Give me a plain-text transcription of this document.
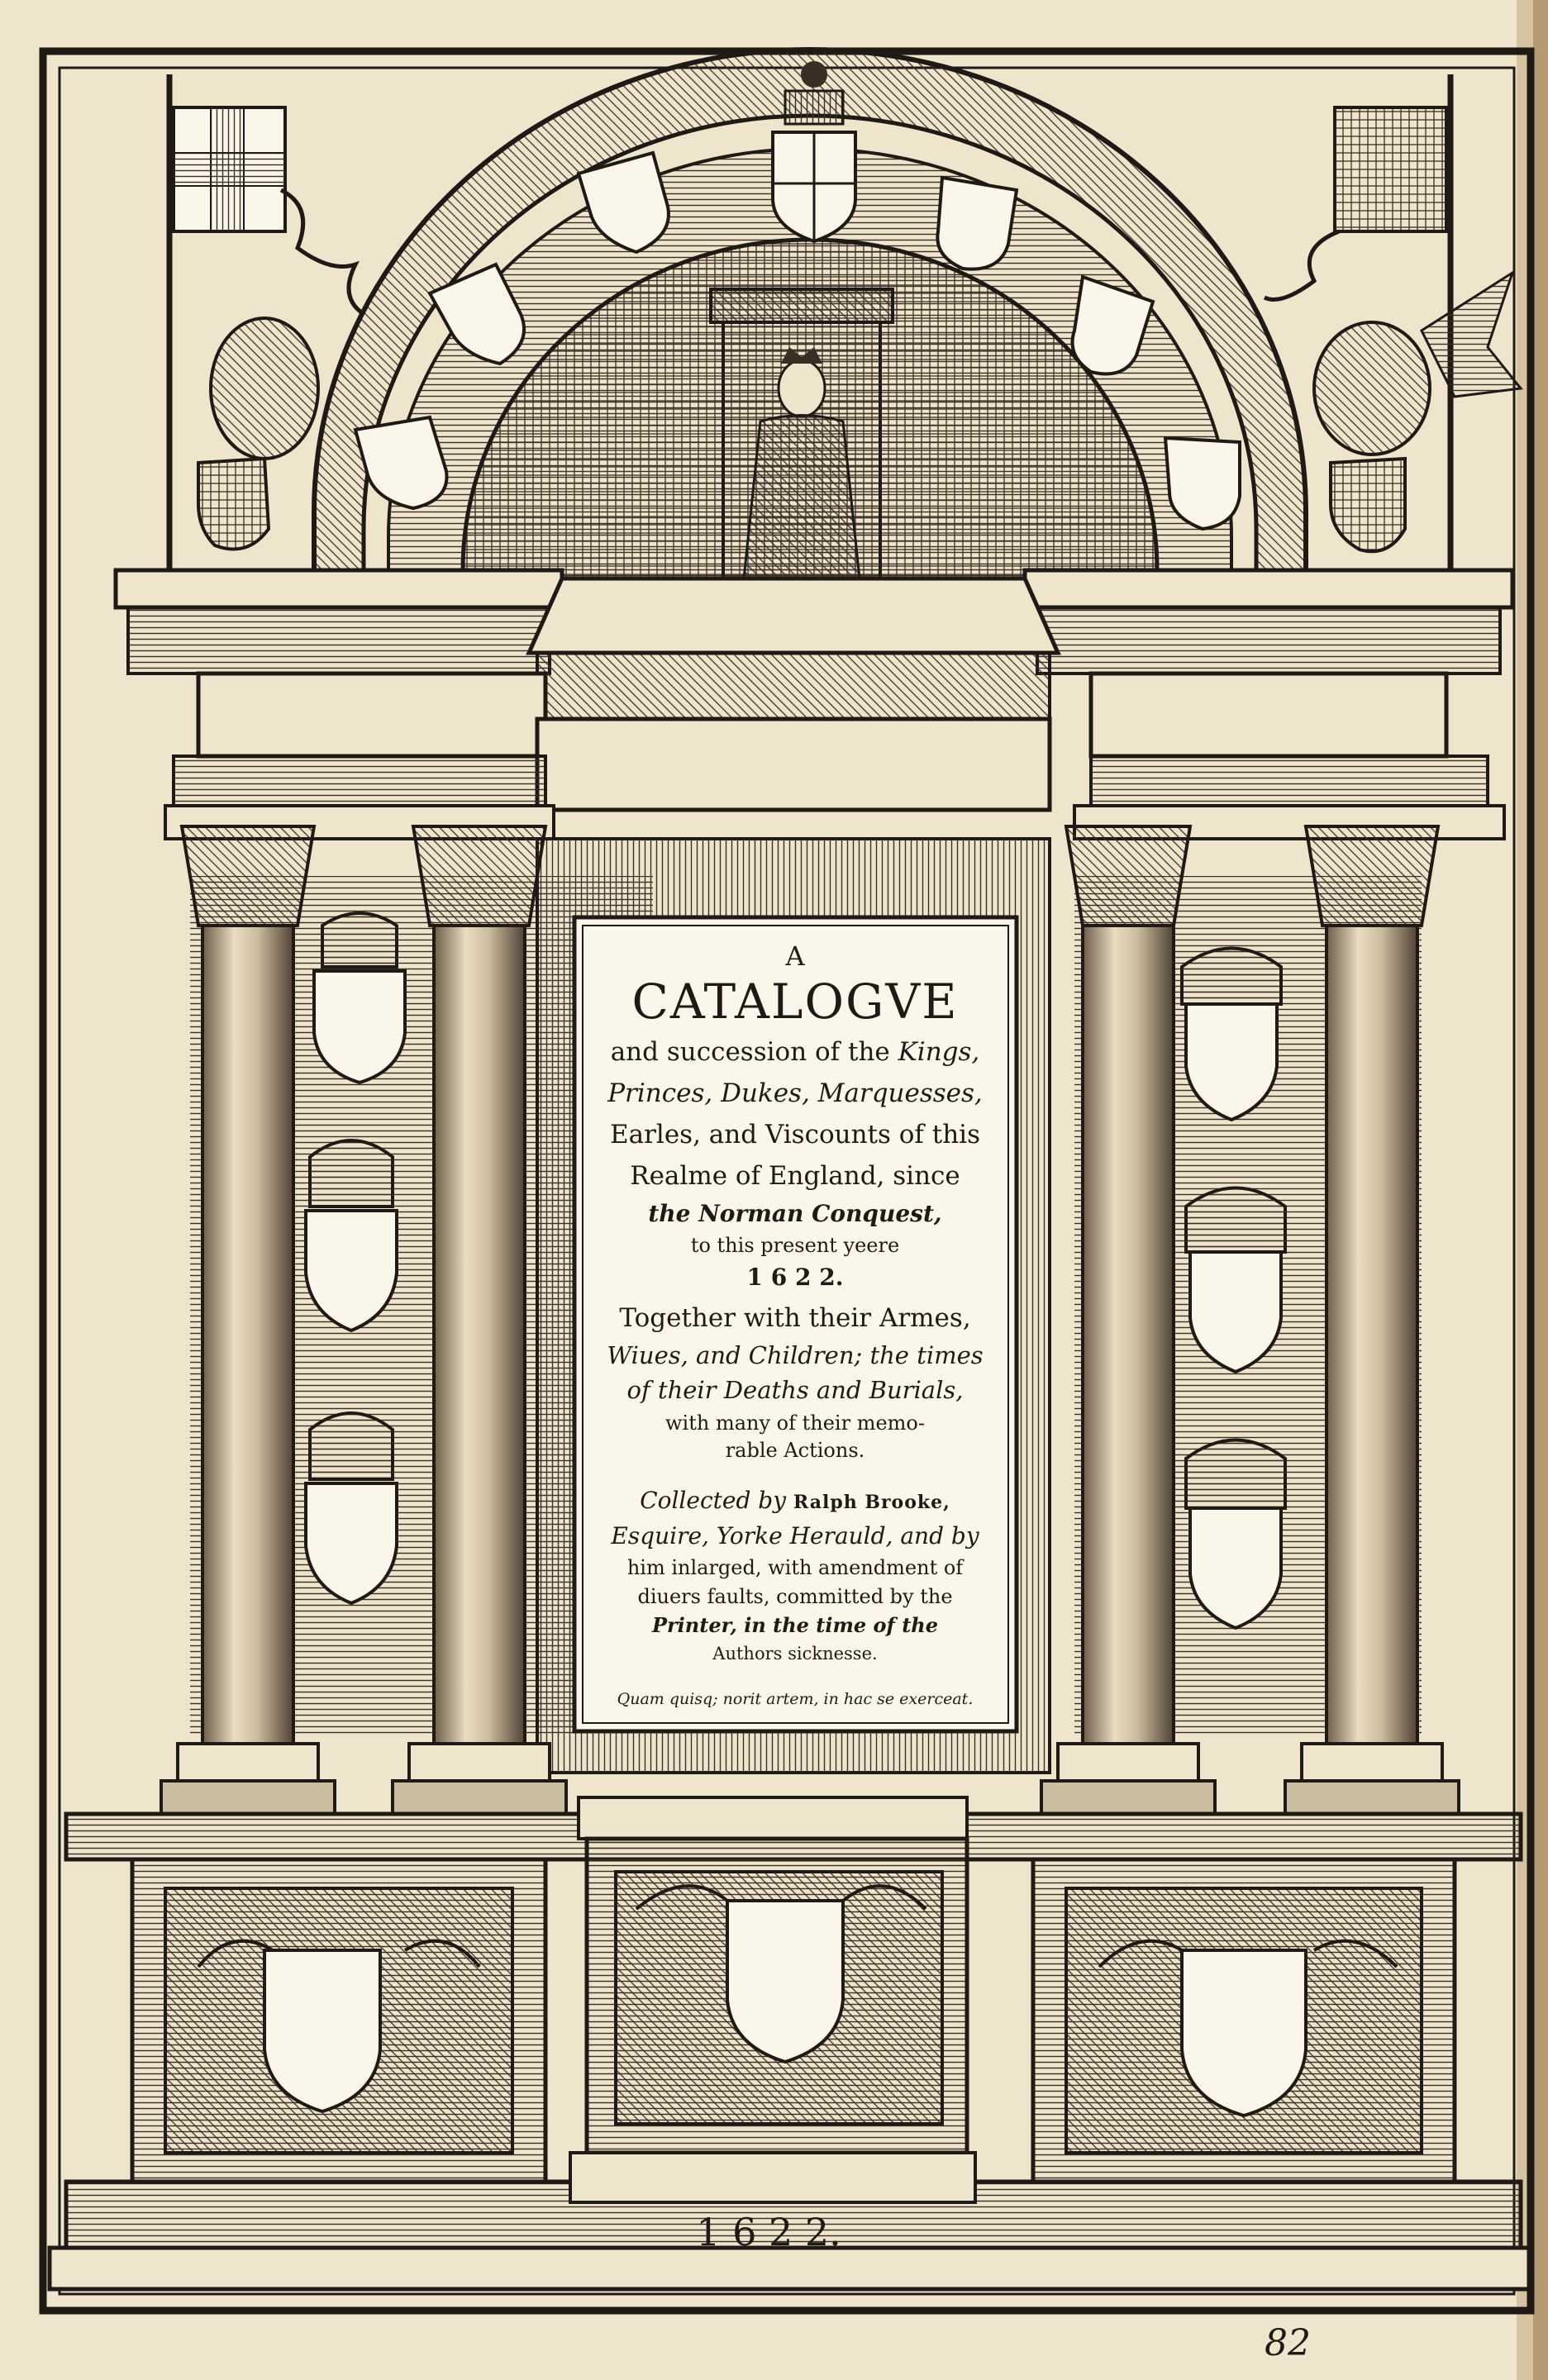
A
CATALOGVE
and succession of the Kings,
Princes, Dukes, Marquesses,
Earles, and Viscounts of this
Realme of England, since
the Norman Conquest,
to this present yeere
1 6 2 2.
Together with their Armes,
Wiues, and Children; the times
of their Deaths and Burials,
with many of their memo-
rable Actions.
Collected by Ralph Brooke,
Esquire, Yorke Herauld, and by
him inlarged, with amendment of
diuers faults, committed by the
Printer, in the time of the
Authors sicknesse.
Quam quisq; norit artem, in hac se exerceat.
1 6 2 2.
82
